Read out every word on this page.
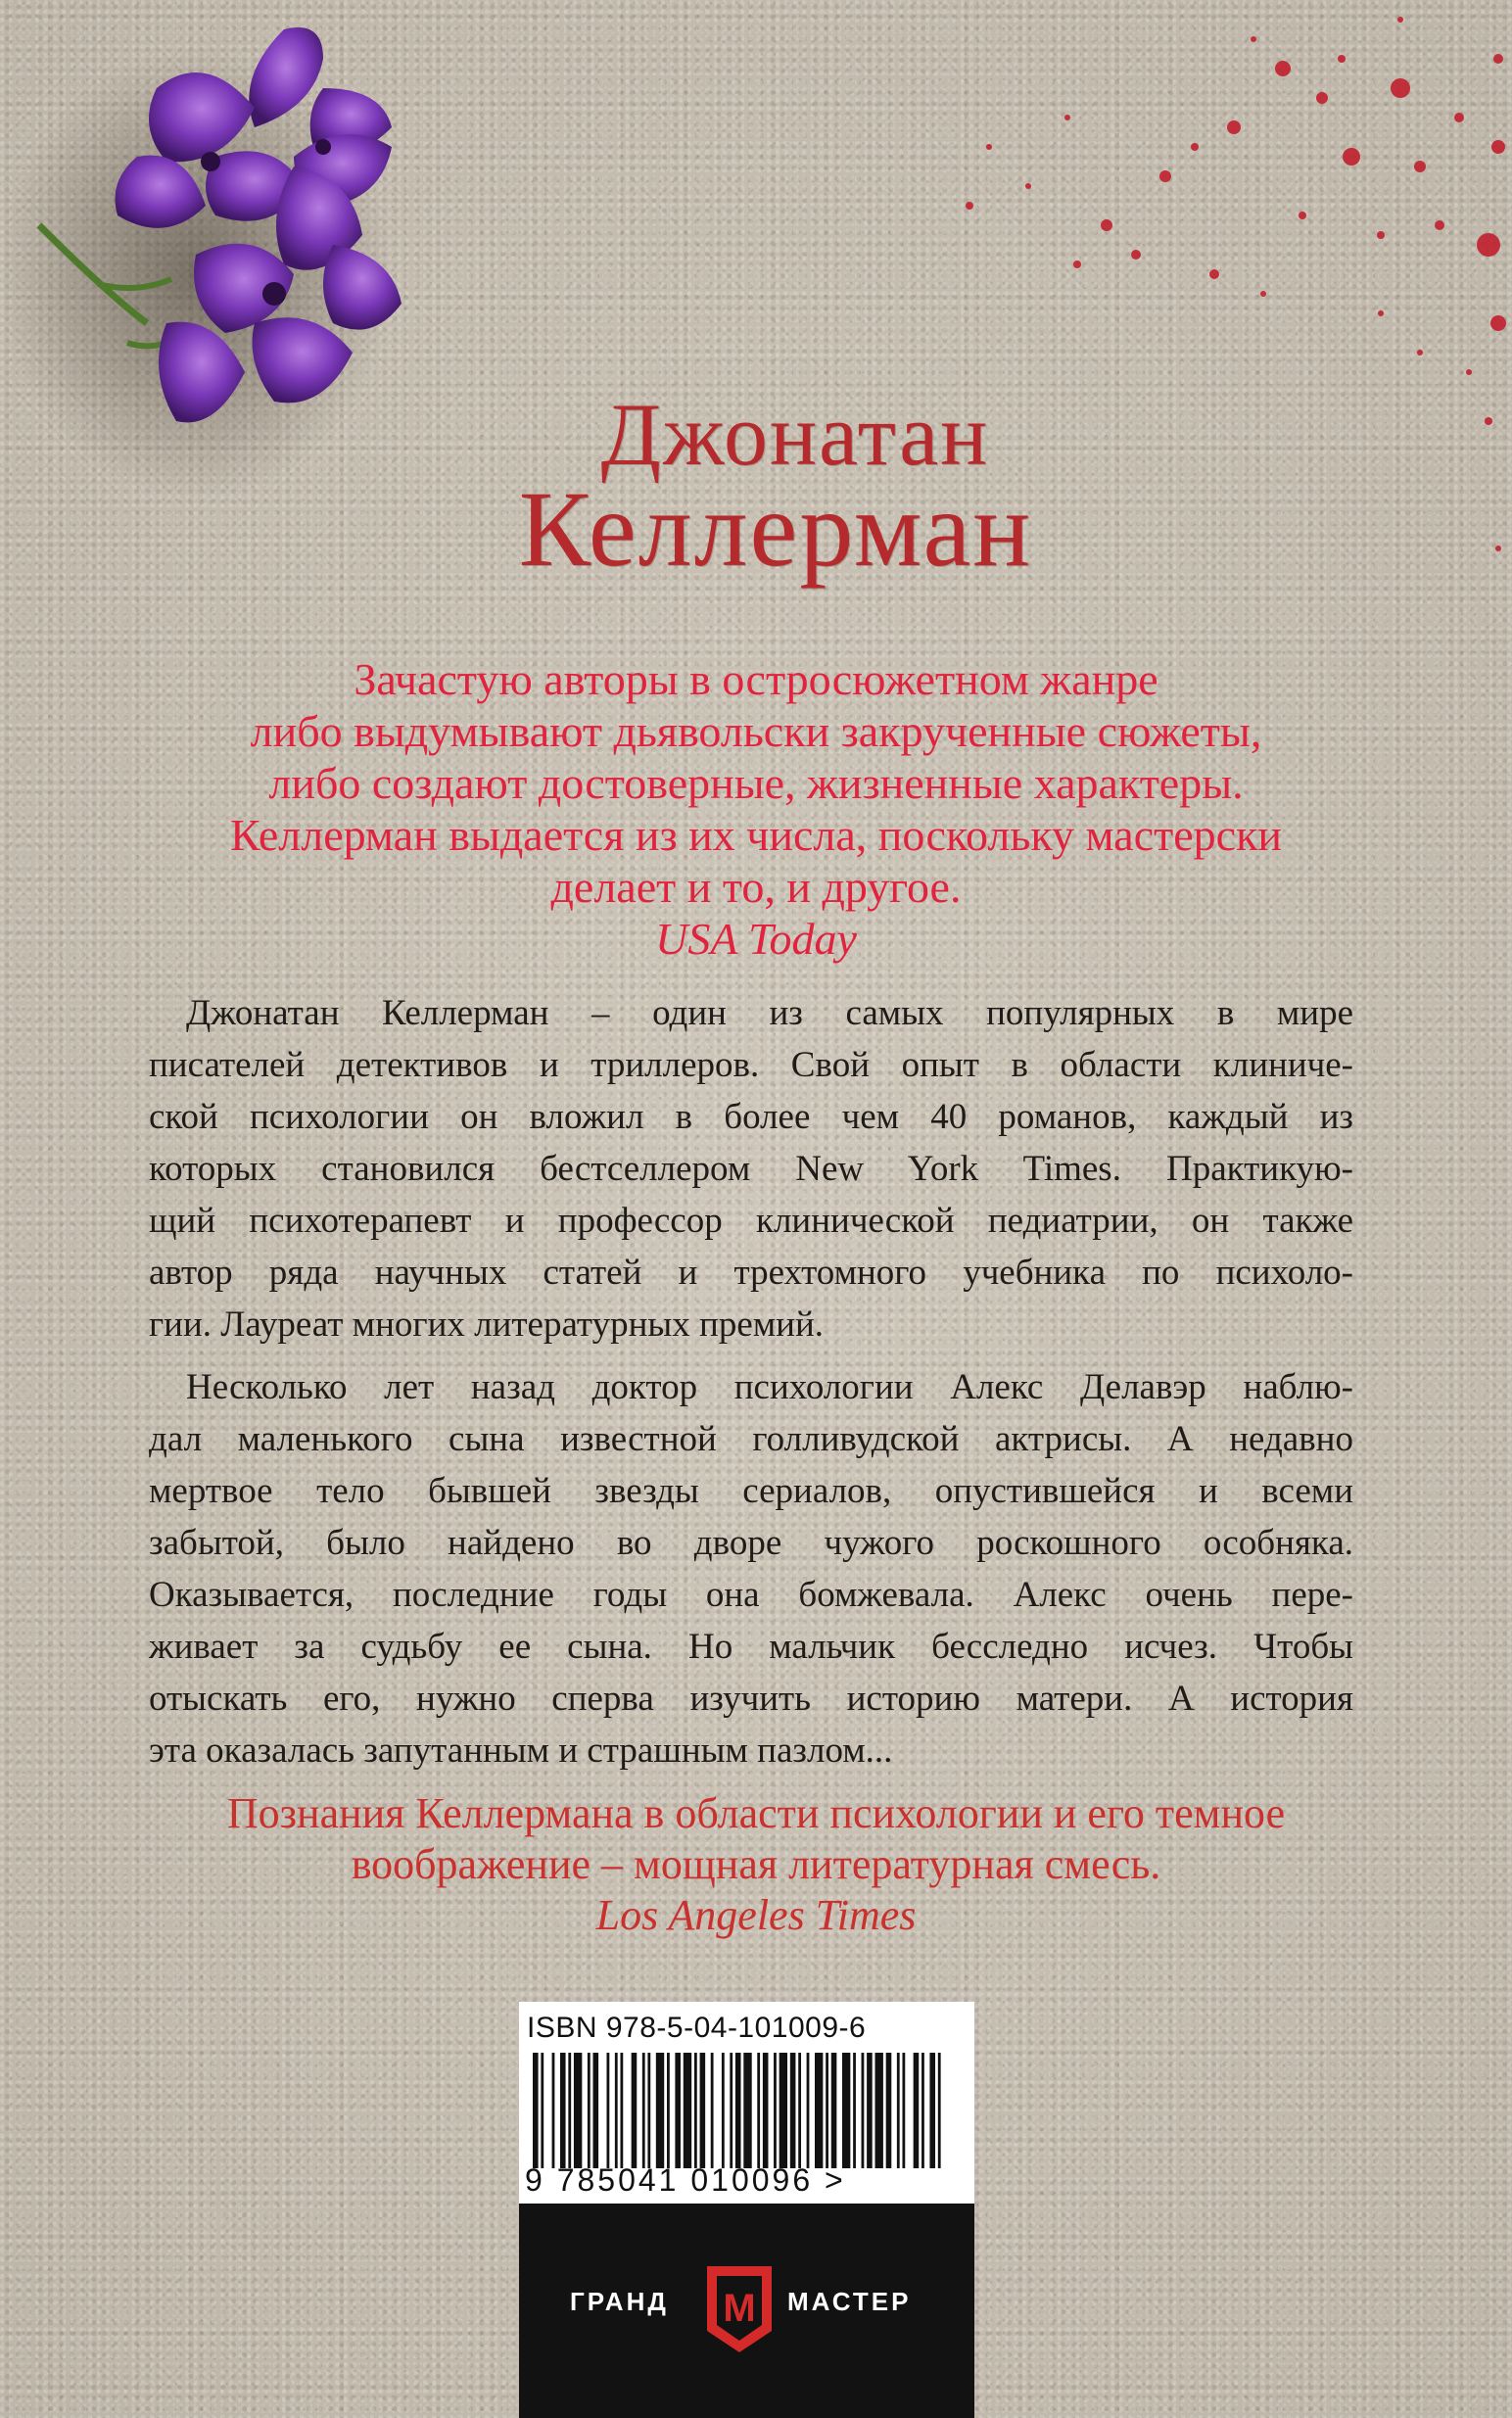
Джонатан
Келлерман
Зачастую авторы в остросюжетном жанре
либо выдумывают дьявольски закрученные сюжеты,
либо создают достоверные, жизненные характеры.
Келлерман выдается из их числа, поскольку мастерски
делает и то, и другое.
USA Today
Джонатан Келлерман – один из самых популярных в мире
писателей детективов и триллеров. Свой опыт в области клиниче-
ской психологии он вложил в более чем 40 романов, каждый из
которых становился бестселлером New York Times. Практикую-
щий психотерапевт и профессор клинической педиатрии, он также
автор ряда научных статей и трехтомного учебника по психоло-
гии. Лауреат многих литературных премий.
Несколько лет назад доктор психологии Алекс Делавэр наблю-
дал маленького сына известной голливудской актрисы. А недавно
мертвое тело бывшей звезды сериалов, опустившейся и всеми
забытой, было найдено во дворе чужого роскошного особняка.
Оказывается, последние годы она бомжевала. Алекс очень пере-
живает за судьбу ее сына. Но мальчик бесследно исчез. Чтобы
отыскать его, нужно сперва изучить историю матери. А история
эта оказалась запутанным и страшным пазлом...
Познания Келлермана в области психологии и его темное
воображение – мощная литературная смесь.
Los Angeles Times
ISBN 978-5-04-101009-6
9 785041 010096 >
ГРАНД M МАСТЕР
